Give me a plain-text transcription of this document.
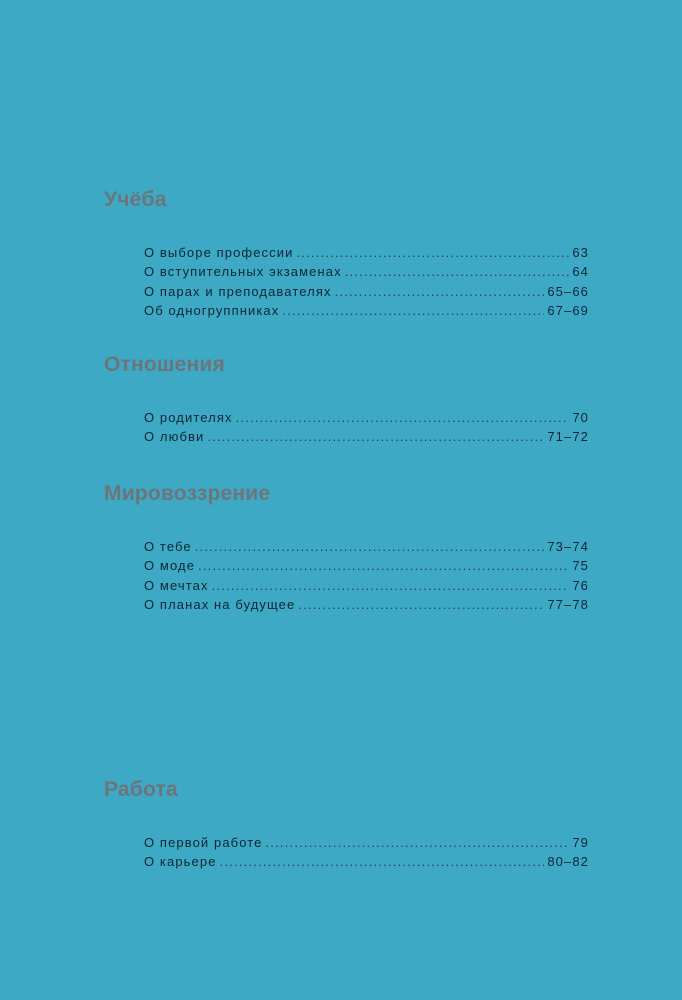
Учёба
О выборе профессии .....	63
О вступительных экзаменах .....	64
О парах и преподавателях .....	65–66
Об одногруппниках .....	67–69
Отношения
О родителях .....	70
О любви .....	71–72
Мировоззрение
О тебе .....	73–74
О моде .....	75
О мечтах .....	76
О планах на будущее .....	77–78
Работа
О первой работе .....	79
О карьере .....	80–82
